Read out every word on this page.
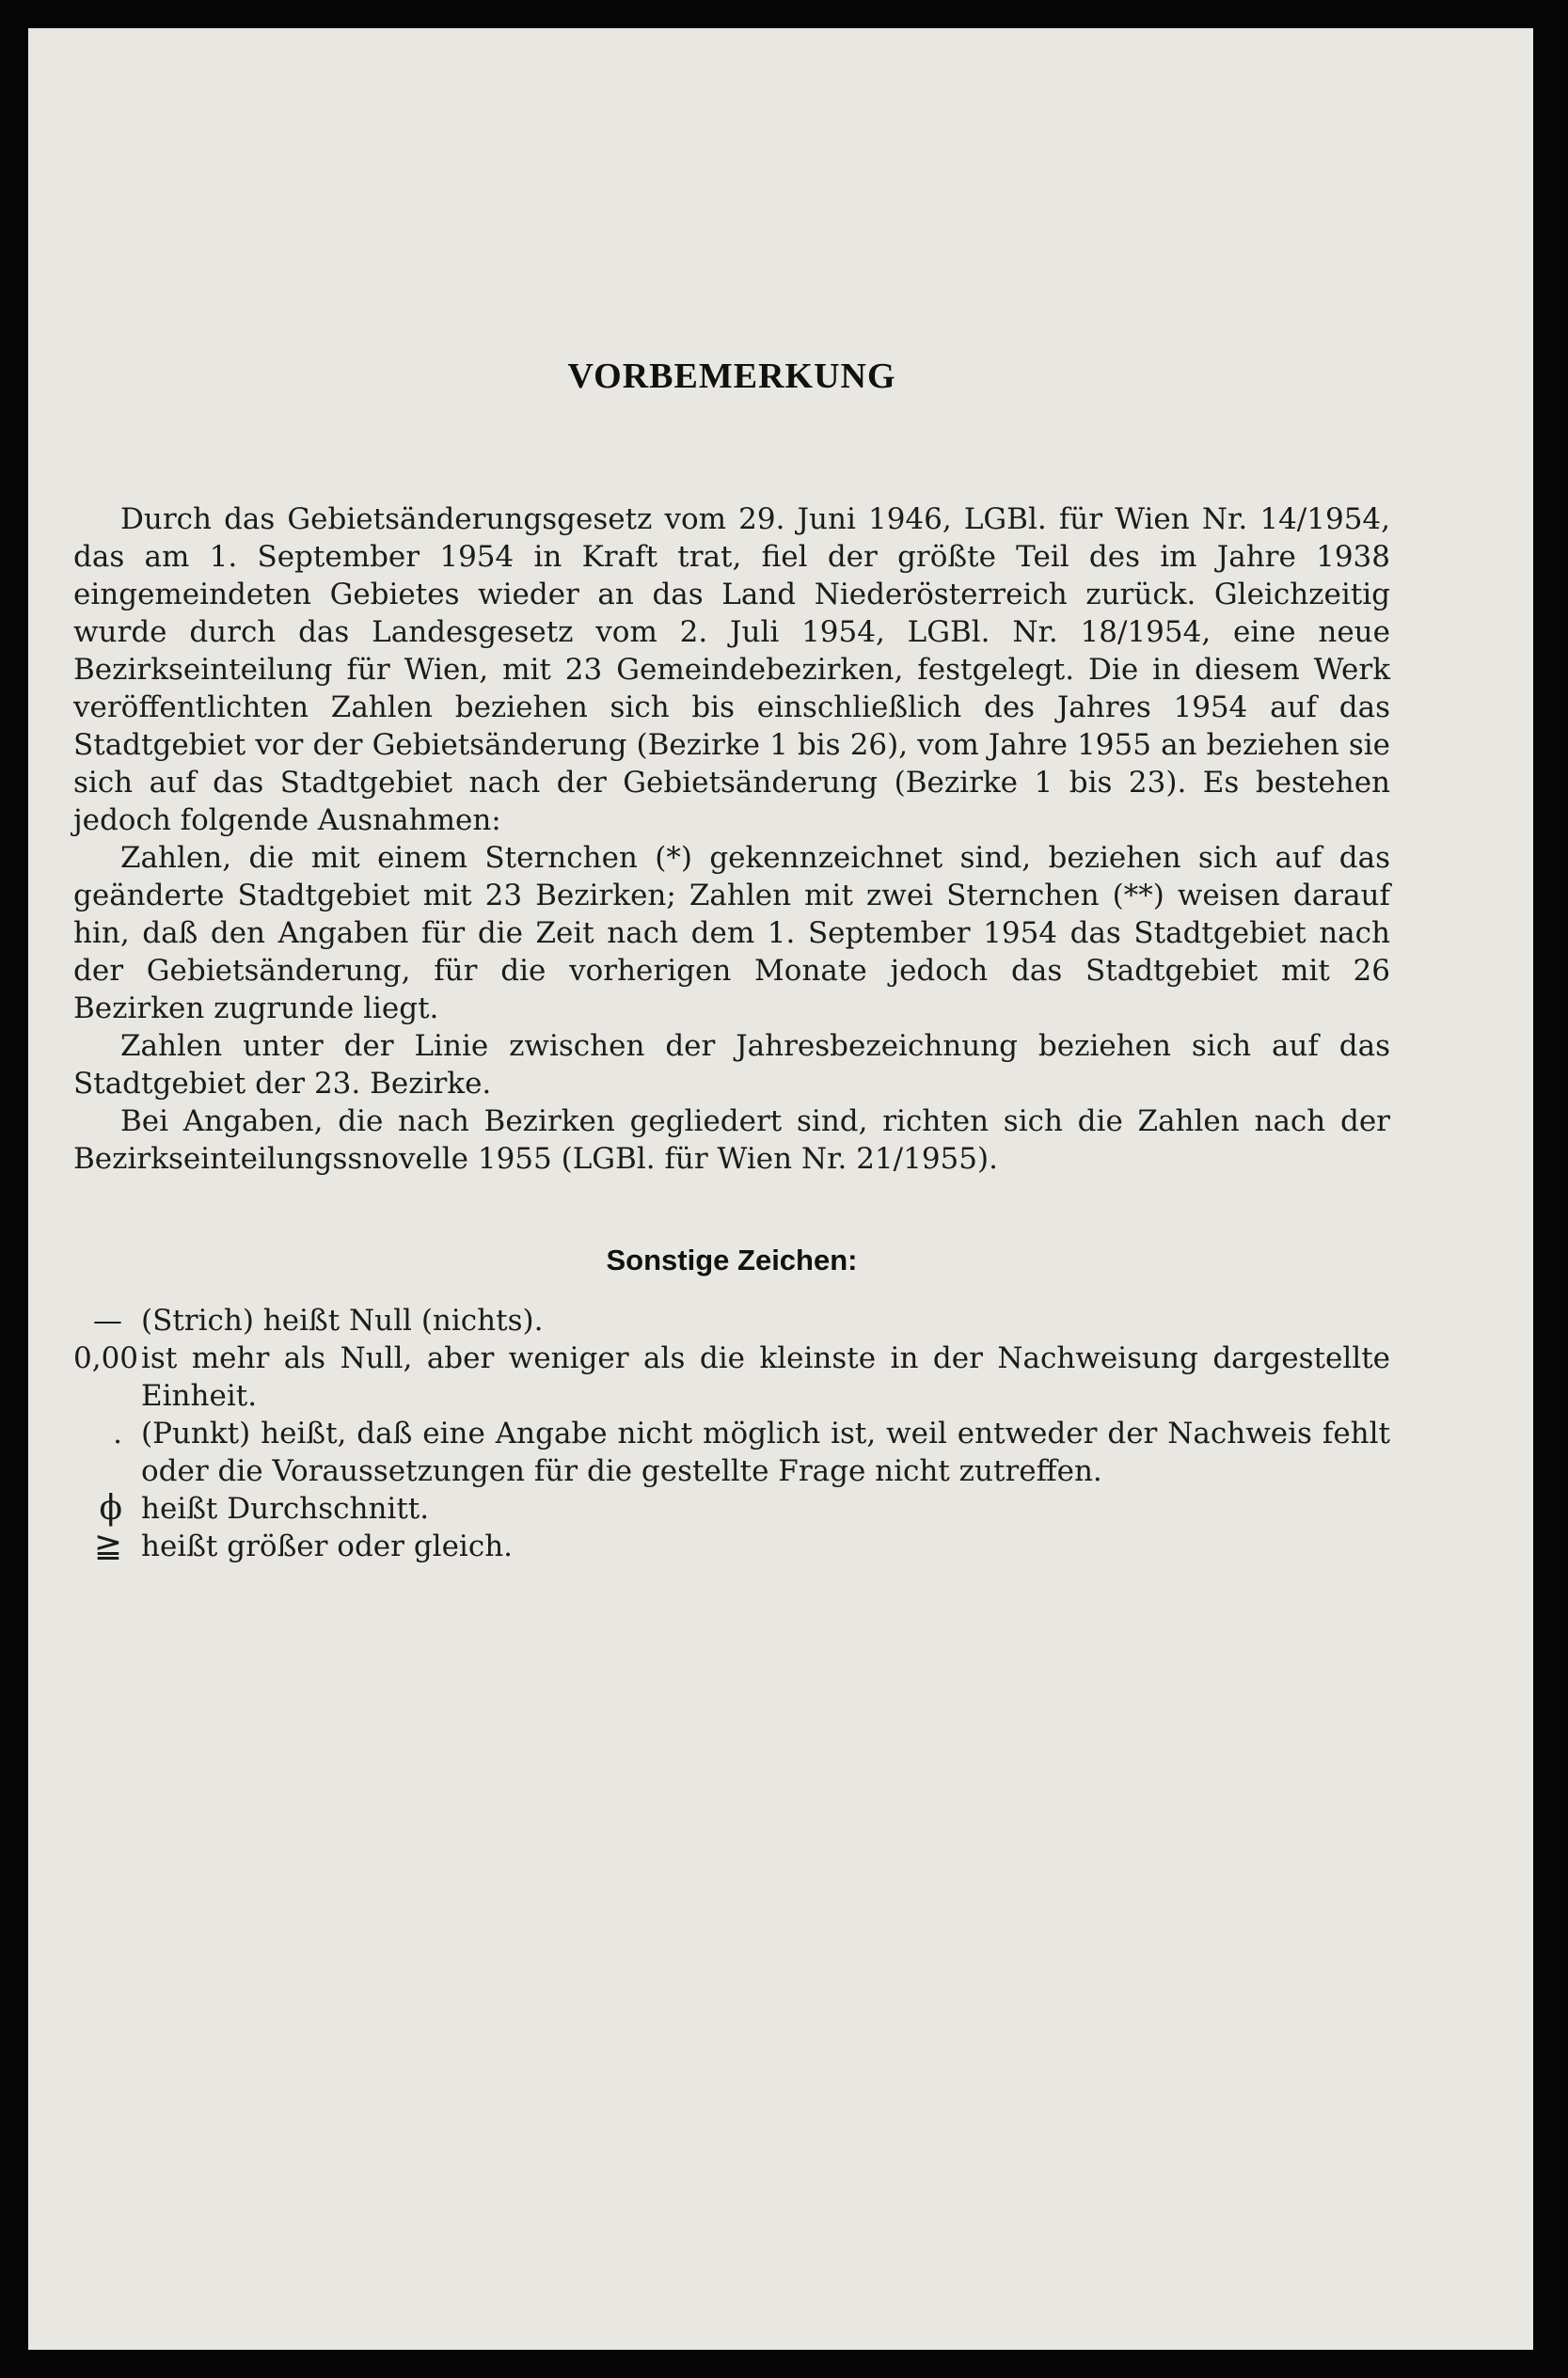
VORBEMERKUNG

Durch das Gebietsänderungsgesetz vom 29. Juni 1946, LGBl. für Wien Nr. 14/1954, das am 1. September 1954 in Kraft trat, fiel der größte Teil des im Jahre 1938 eingemeindeten Gebietes wieder an das Land Niederösterreich zurück. Gleichzeitig wurde durch das Landesgesetz vom 2. Juli 1954, LGBl. Nr. 18/1954, eine neue Bezirkseinteilung für Wien, mit 23 Gemeindebezirken, festgelegt. Die in diesem Werk veröffentlichten Zahlen beziehen sich bis einschließlich des Jahres 1954 auf das Stadtgebiet vor der Gebietsänderung (Bezirke 1 bis 26), vom Jahre 1955 an beziehen sie sich auf das Stadtgebiet nach der Gebietsänderung (Bezirke 1 bis 23). Es bestehen jedoch folgende Ausnahmen:

Zahlen, die mit einem Sternchen (*) gekennzeichnet sind, beziehen sich auf das geänderte Stadtgebiet mit 23 Bezirken; Zahlen mit zwei Sternchen (**) weisen darauf hin, daß den Angaben für die Zeit nach dem 1. September 1954 das Stadtgebiet nach der Gebietsänderung, für die vorherigen Monate jedoch das Stadtgebiet mit 26 Bezirken zugrunde liegt.

Zahlen unter der Linie zwischen der Jahresbezeichnung beziehen sich auf das Stadtgebiet der 23. Bezirke.

Bei Angaben, die nach Bezirken gegliedert sind, richten sich die Zahlen nach der Bezirkseinteilungssnovelle 1955 (LGBl. für Wien Nr. 21/1955).

Sonstige Zeichen:
— (Strich) heißt Null (nichts).
0,00 ist mehr als Null, aber weniger als die kleinste in der Nachweisung dargestellte Einheit.
. (Punkt) heißt, daß eine Angabe nicht möglich ist, weil entweder der Nachweis fehlt oder die Voraussetzungen für die gestellte Frage nicht zutreffen.
ϕ heißt Durchschnitt.
≧ heißt größer oder gleich.
